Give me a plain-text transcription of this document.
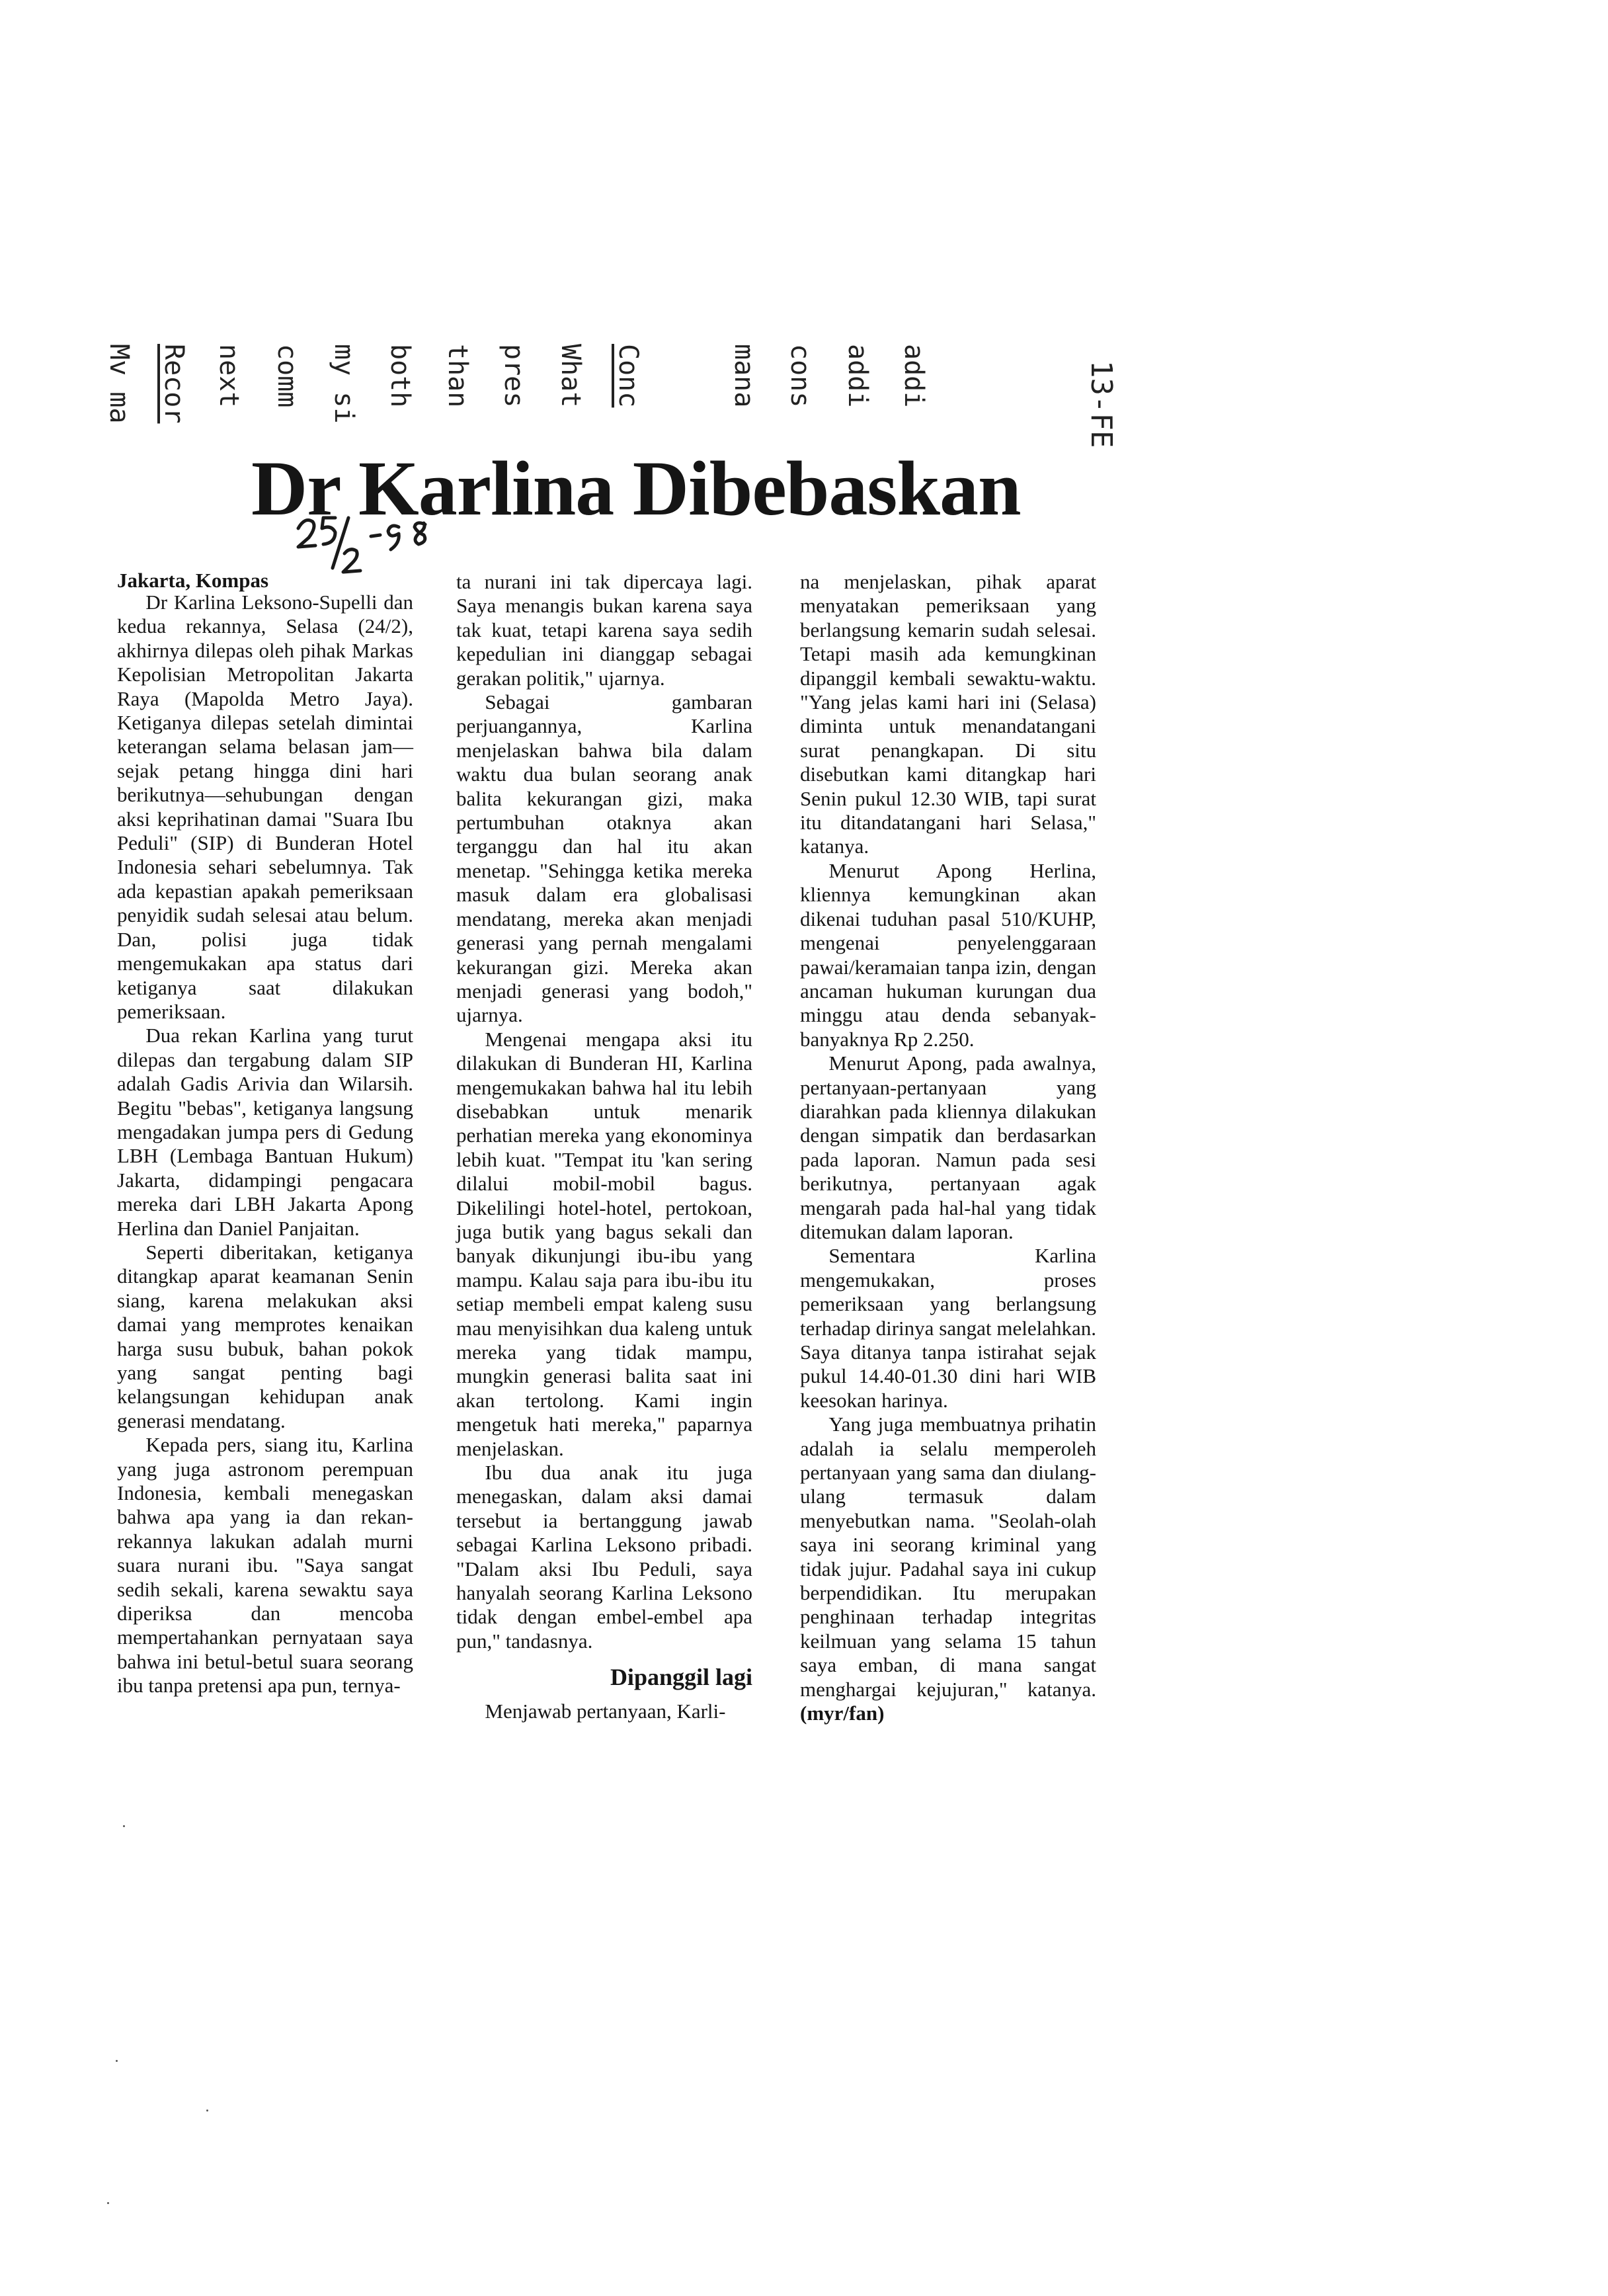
Mv ma Recor next comm my si both than pres What Conc	mana cons addi addi	13-FE
Dr Karlina Dibebaskan
Jakarta, Kompas

Dr Karlina Leksono-Supelli dan kedua rekannya, Selasa (24/2), akhirnya dilepas oleh pihak Markas Kepolisian Metropolitan Jakarta Raya (Mapolda Metro Jaya). Ketiganya dilepas setelah dimintai keterangan selama belasan jam—sejak petang hingga dini hari berikutnya—sehubungan dengan aksi keprihatinan damai "Suara Ibu Peduli" (SIP) di Bunderan Hotel Indonesia sehari sebelumnya. Tak ada kepastian apakah pemeriksaan penyidik sudah selesai atau belum. Dan, polisi juga tidak mengemukakan apa status dari ketiganya saat dilakukan pemeriksaan.

Dua rekan Karlina yang turut dilepas dan tergabung dalam SIP adalah Gadis Arivia dan Wilarsih. Begitu "bebas", ketiganya langsung mengadakan jumpa pers di Gedung LBH (Lembaga Bantuan Hukum) Jakarta, didampingi pengacara mereka dari LBH Jakarta Apong Herlina dan Daniel Panjaitan.

Seperti diberitakan, ketiganya ditangkap aparat keamanan Senin siang, karena melakukan aksi damai yang memprotes kenaikan harga susu bubuk, bahan pokok yang sangat penting bagi kelangsungan kehidupan anak generasi mendatang.

Kepada pers, siang itu, Karlina yang juga astronom perempuan Indonesia, kembali menegaskan bahwa apa yang ia dan rekan-rekannya lakukan adalah murni suara nurani ibu. "Saya sangat sedih sekali, karena sewaktu saya diperiksa dan mencoba mempertahankan pernyataan saya bahwa ini betul-betul suara seorang ibu tanpa pretensi apa pun, ternya-

ta nurani ini tak dipercaya lagi. Saya menangis bukan karena saya tak kuat, tetapi karena saya sedih kepedulian ini dianggap sebagai gerakan politik," ujarnya.

Sebagai gambaran perjuangannya, Karlina menjelaskan bahwa bila dalam waktu dua bulan seorang anak balita kekurangan gizi, maka pertumbuhan otaknya akan terganggu dan hal itu akan menetap. "Sehingga ketika mereka masuk dalam era globalisasi mendatang, mereka akan menjadi generasi yang pernah mengalami kekurangan gizi. Mereka akan menjadi generasi yang bodoh," ujarnya.

Mengenai mengapa aksi itu dilakukan di Bunderan HI, Karlina mengemukakan bahwa hal itu lebih disebabkan untuk menarik perhatian mereka yang ekonominya lebih kuat. "Tempat itu 'kan sering dilalui mobil-mobil bagus. Dikelilingi hotel-hotel, pertokoan, juga butik yang bagus sekali dan banyak dikunjungi ibu-ibu yang mampu. Kalau saja para ibu-ibu itu setiap membeli empat kaleng susu mau menyisihkan dua kaleng untuk mereka yang tidak mampu, mungkin generasi balita saat ini akan tertolong. Kami ingin mengetuk hati mereka," paparnya menjelaskan.

Ibu dua anak itu juga menegaskan, dalam aksi damai tersebut ia bertanggung jawab sebagai Karlina Leksono pribadi. "Dalam aksi Ibu Peduli, saya hanyalah seorang Karlina Leksono tidak dengan embel-embel apa pun," tandasnya.

Dipanggil lagi

Menjawab pertanyaan, Karli-

na menjelaskan, pihak aparat menyatakan pemeriksaan yang berlangsung kemarin sudah selesai. Tetapi masih ada kemungkinan dipanggil kembali sewaktu-waktu. "Yang jelas kami hari ini (Selasa) diminta untuk menandatangani surat penangkapan. Di situ disebutkan kami ditangkap hari Senin pukul 12.30 WIB, tapi surat itu ditandatangani hari Selasa," katanya.

Menurut Apong Herlina, kliennya kemungkinan akan dikenai tuduhan pasal 510/KUHP, mengenai penyelenggaraan pawai/keramaian tanpa izin, dengan ancaman hukuman kurungan dua minggu atau denda sebanyak-banyaknya Rp 2.250.

Menurut Apong, pada awalnya, pertanyaan-pertanyaan yang diarahkan pada kliennya dilakukan dengan simpatik dan berdasarkan pada laporan. Namun pada sesi berikutnya, pertanyaan agak mengarah pada hal-hal yang tidak ditemukan dalam laporan.

Sementara Karlina mengemukakan, proses pemeriksaan yang berlangsung terhadap dirinya sangat melelahkan. Saya ditanya tanpa istirahat sejak pukul 14.40-01.30 dini hari WIB keesokan harinya.

Yang juga membuatnya prihatin adalah ia selalu memperoleh pertanyaan yang sama dan diulang-ulang termasuk dalam menyebutkan nama. "Seolah-olah saya ini seorang kriminal yang tidak jujur. Padahal saya ini cukup berpendidikan. Itu merupakan penghinaan terhadap integritas keilmuan yang selama 15 tahun saya emban, di mana sangat menghargai kejujuran," katanya. (myr/fan)
